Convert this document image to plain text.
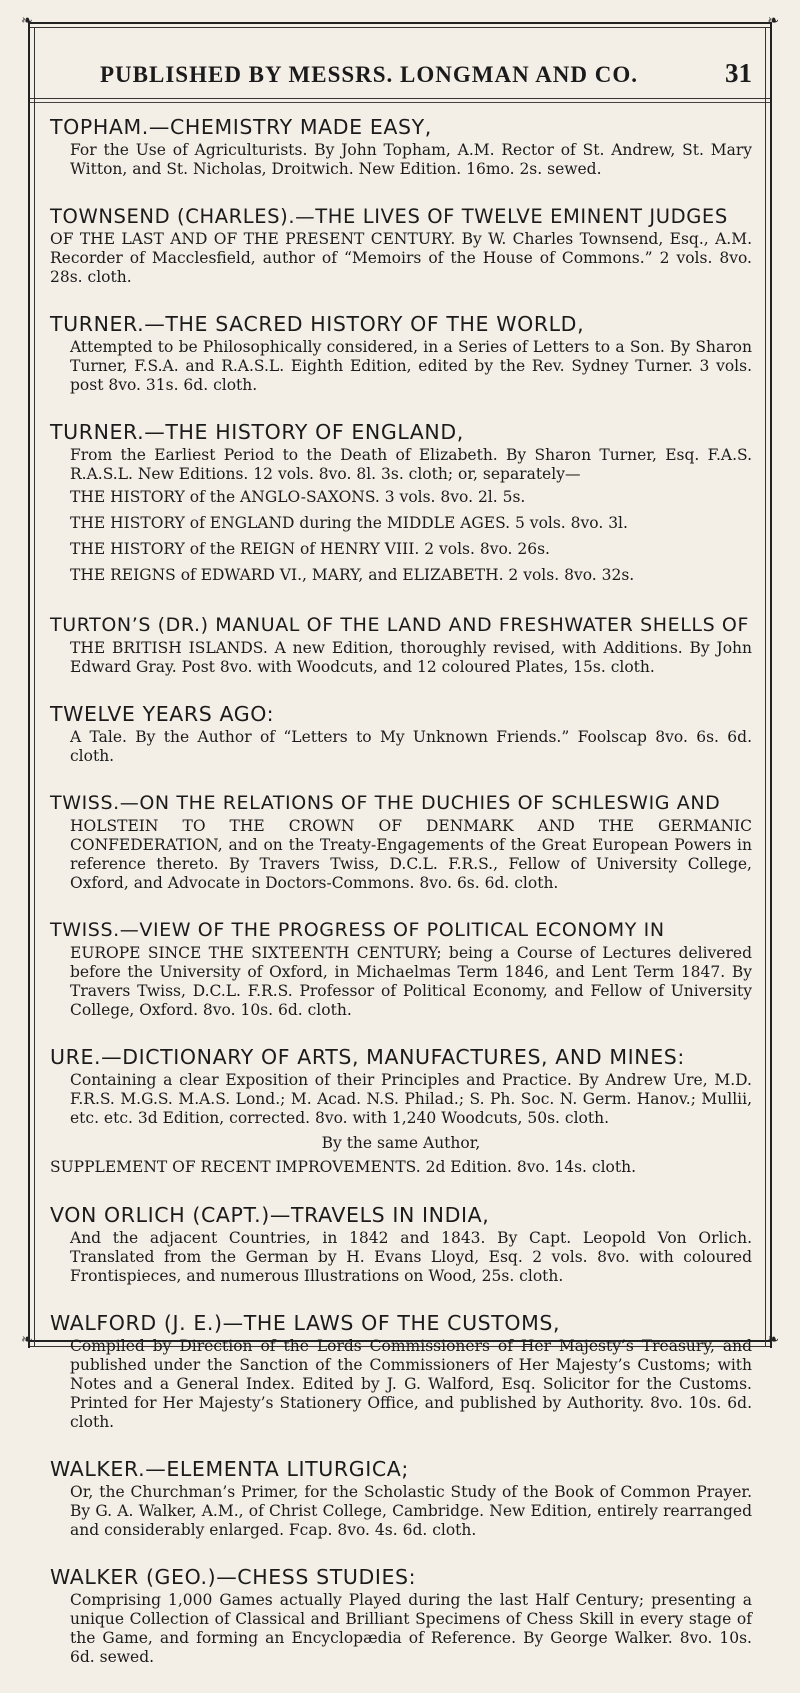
❧	❧
❧	❧
PUBLISHED BY MESSRS. LONGMAN AND CO.	31

TOPHAM.—CHEMISTRY MADE EASY,

For the Use of Agriculturists. By John Topham, A.M. Rector of St. Andrew, St. Mary Witton, and St. Nicholas, Droitwich. New Edition. 16mo. 2s. sewed.

TOWNSEND (CHARLES).—THE LIVES OF TWELVE EMINENT JUDGES

OF THE LAST AND OF THE PRESENT CENTURY. By W. Charles Townsend, Esq., A.M. Recorder of Macclesfield, author of “Memoirs of the House of Commons.” 2 vols. 8vo. 28s. cloth.

TURNER.—THE SACRED HISTORY OF THE WORLD,

Attempted to be Philosophically considered, in a Series of Letters to a Son. By Sharon Turner, F.S.A. and R.A.S.L. Eighth Edition, edited by the Rev. Sydney Turner. 3 vols. post 8vo. 31s. 6d. cloth.

TURNER.—THE HISTORY OF ENGLAND,

From the Earliest Period to the Death of Elizabeth. By Sharon Turner, Esq. F.A.S. R.A.S.L. New Editions. 12 vols. 8vo. 8l. 3s. cloth; or, separately—

THE HISTORY of the ANGLO-SAXONS. 3 vols. 8vo. 2l. 5s.

THE HISTORY of ENGLAND during the MIDDLE AGES. 5 vols. 8vo. 3l.

THE HISTORY of the REIGN of HENRY VIII. 2 vols. 8vo. 26s.

THE REIGNS of EDWARD VI., MARY, and ELIZABETH. 2 vols. 8vo. 32s.

TURTON’S (DR.) MANUAL OF THE LAND AND FRESHWATER SHELLS OF

THE BRITISH ISLANDS. A new Edition, thoroughly revised, with Additions. By John Edward Gray. Post 8vo. with Woodcuts, and 12 coloured Plates, 15s. cloth.

TWELVE YEARS AGO:

A Tale. By the Author of “Letters to My Unknown Friends.” Foolscap 8vo. 6s. 6d. cloth.

TWISS.—ON THE RELATIONS OF THE DUCHIES OF SCHLESWIG AND

HOLSTEIN TO THE CROWN OF DENMARK AND THE GERMANIC CONFEDERATION, and on the Treaty-Engagements of the Great European Powers in reference thereto. By Travers Twiss, D.C.L. F.R.S., Fellow of University College, Oxford, and Advocate in Doctors-Commons. 8vo. 6s. 6d. cloth.

TWISS.—VIEW OF THE PROGRESS OF POLITICAL ECONOMY IN

EUROPE SINCE THE SIXTEENTH CENTURY; being a Course of Lectures delivered before the University of Oxford, in Michaelmas Term 1846, and Lent Term 1847. By Travers Twiss, D.C.L. F.R.S. Professor of Political Economy, and Fellow of University College, Oxford. 8vo. 10s. 6d. cloth.

URE.—DICTIONARY OF ARTS, MANUFACTURES, AND MINES:

Containing a clear Exposition of their Principles and Practice. By Andrew Ure, M.D. F.R.S. M.G.S. M.A.S. Lond.; M. Acad. N.S. Philad.; S. Ph. Soc. N. Germ. Hanov.; Mullii, etc. etc. 3d Edition, corrected. 8vo. with 1,240 Woodcuts, 50s. cloth.

By the same Author,

SUPPLEMENT OF RECENT IMPROVEMENTS. 2d Edition. 8vo. 14s. cloth.

VON ORLICH (CAPT.)—TRAVELS IN INDIA,

And the adjacent Countries, in 1842 and 1843. By Capt. Leopold Von Orlich. Translated from the German by H. Evans Lloyd, Esq. 2 vols. 8vo. with coloured Frontispieces, and numerous Illustrations on Wood, 25s. cloth.

WALFORD (J. E.)—THE LAWS OF THE CUSTOMS,

Compiled by Direction of the Lords Commissioners of Her Majesty’s Treasury, and published under the Sanction of the Commissioners of Her Majesty’s Customs; with Notes and a General Index. Edited by J. G. Walford, Esq. Solicitor for the Customs. Printed for Her Majesty’s Stationery Office, and published by Authority. 8vo. 10s. 6d. cloth.

WALKER.—ELEMENTA LITURGICA;

Or, the Churchman’s Primer, for the Scholastic Study of the Book of Common Prayer. By G. A. Walker, A.M., of Christ College, Cambridge. New Edition, entirely rearranged and considerably enlarged. Fcap. 8vo. 4s. 6d. cloth.

WALKER (GEO.)—CHESS STUDIES:

Comprising 1,000 Games actually Played during the last Half Century; presenting a unique Collection of Classical and Brilliant Specimens of Chess Skill in every stage of the Game, and forming an Encyclopædia of Reference. By George Walker. 8vo. 10s. 6d. sewed.
